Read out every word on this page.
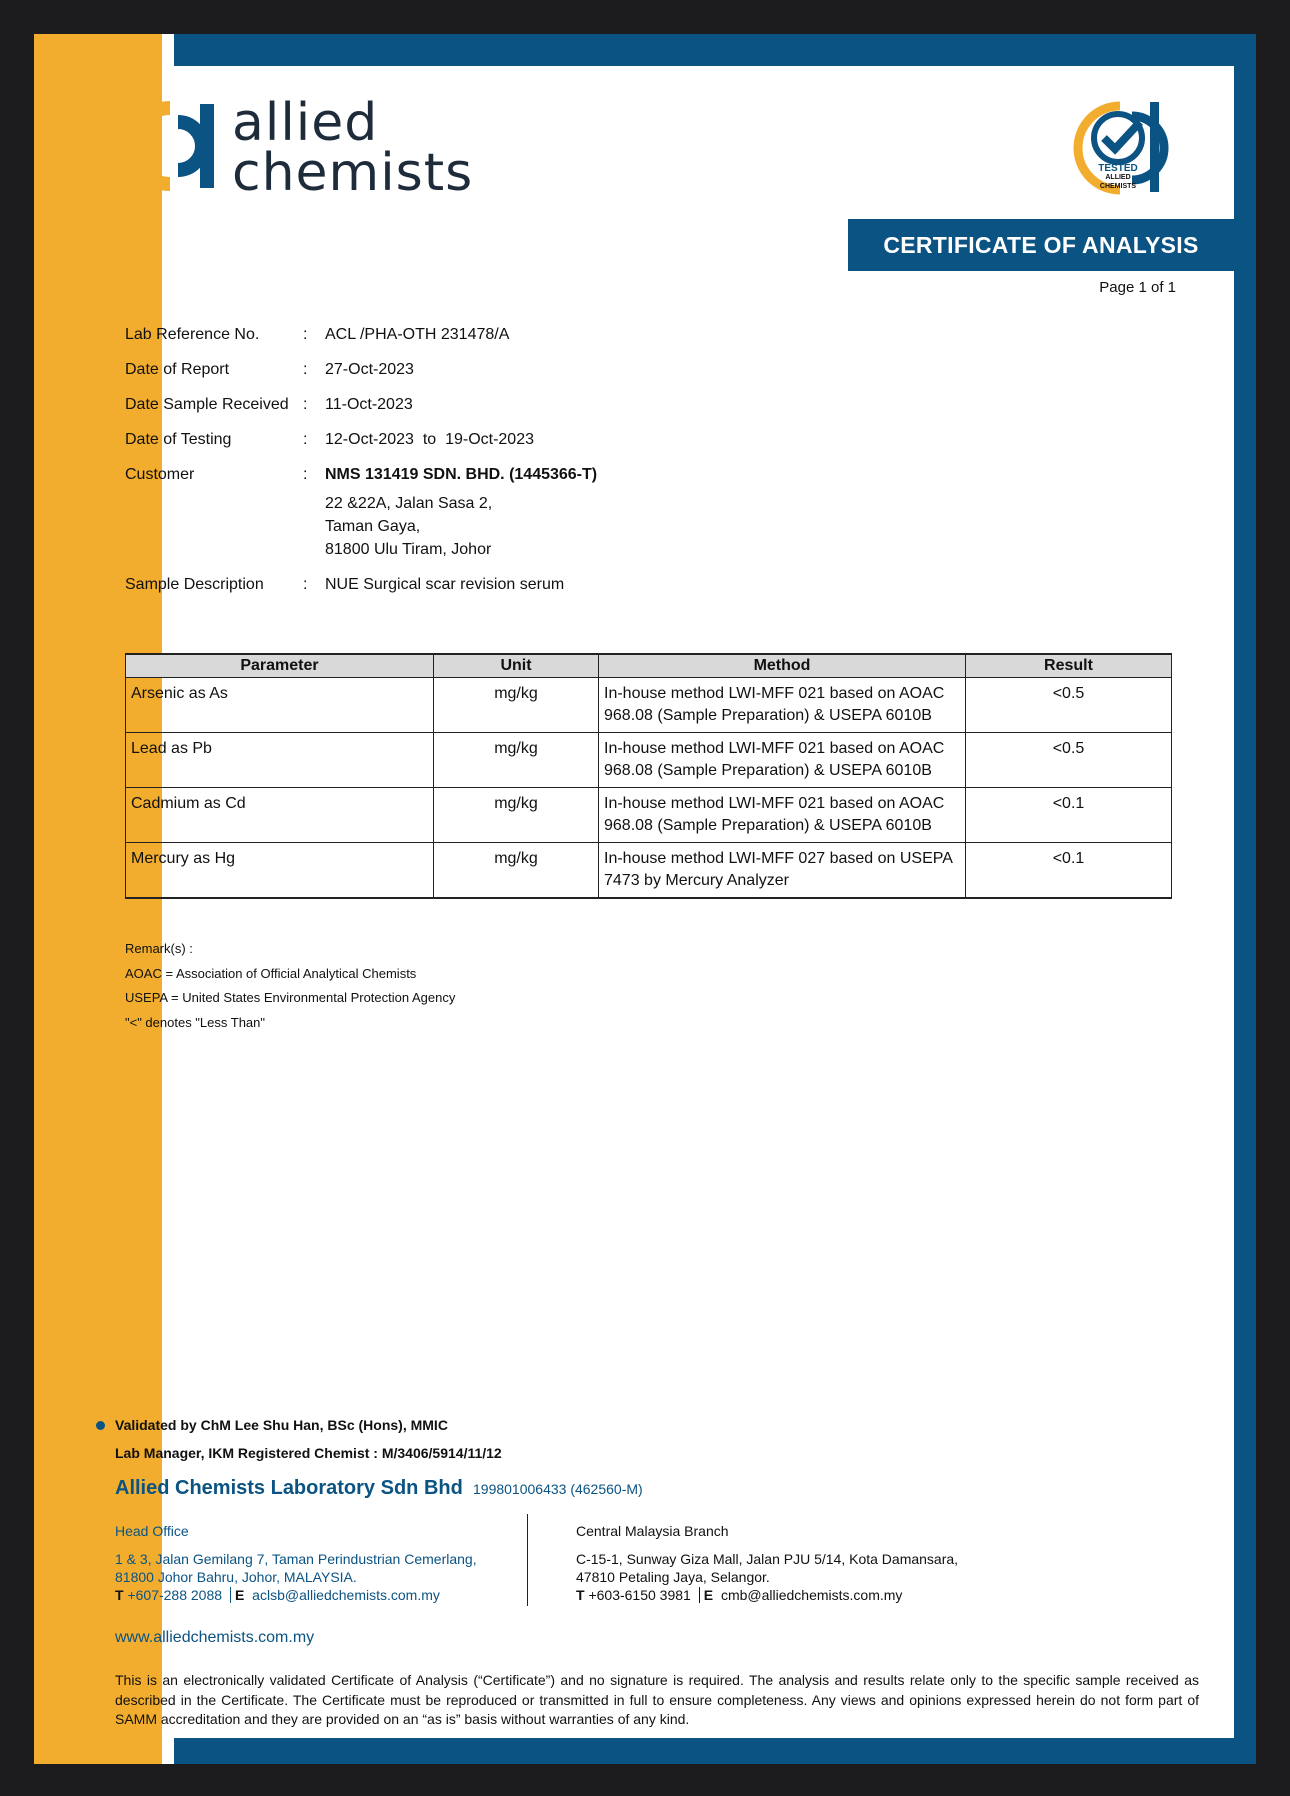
allied
chemists	TESTED
ALLIED
CHEMISTS
CERTIFICATE OF ANALYSIS
Page 1 of 1
Lab Reference No.	: ACL /PHA-OTH 231478/A
Date of Report	: 27-Oct-2023
Date Sample Received : 11-Oct-2023
Date of Testing	: 12-Oct-2023  to  19-Oct-2023
Customer	: NMS 131419 SDN. BHD. (1445366-T)
22 &22A, Jalan Sasa 2,
Taman Gaya,
81800 Ulu Tiram, Johor
Sample Description : NUE Surgical scar revision serum
Parameter	Unit	Method	Result
Arsenic as As	mg/kg	In-house method LWI-MFF 021 based on AOAC
968.08 (Sample Preparation) & USEPA 6010B	<0.5
Lead as Pb	mg/kg	In-house method LWI-MFF 021 based on AOAC
968.08 (Sample Preparation) & USEPA 6010B	<0.5
Cadmium as Cd	mg/kg	In-house method LWI-MFF 021 based on AOAC
968.08 (Sample Preparation) & USEPA 6010B	<0.1
Mercury as Hg	mg/kg	In-house method LWI-MFF 027 based on USEPA
7473 by Mercury Analyzer	<0.1
Remark(s) :
AOAC = Association of Official Analytical Chemists
USEPA = United States Environmental Protection Agency
"<" denotes "Less Than"
Validated by ChM Lee Shu Han, BSc (Hons), MMIC
Lab Manager, IKM Registered Chemist : M/3406/5914/11/12
Allied Chemists Laboratory Sdn Bhd 199801006433 (462560-M)
Head Office
1 & 3, Jalan Gemilang 7, Taman Perindustrian Cemerlang,
81800 Johor Bahru, Johor, MALAYSIA.
T +607-288 2088 E aclsb@alliedchemists.com.my
Central Malaysia Branch
C-15-1, Sunway Giza Mall, Jalan PJU 5/14, Kota Damansara,
47810 Petaling Jaya, Selangor.
T +603-6150 3981 E cmb@alliedchemists.com.my
www.alliedchemists.com.my
This is an electronically validated Certificate of Analysis (“Certificate”) and no signature is required. The analysis and results relate only to the specific sample received as described in the Certificate. The Certificate must be reproduced or transmitted in full to ensure completeness. Any views and opinions expressed herein do not form part of SAMM accreditation and they are provided on an “as is” basis without warranties of any kind.
